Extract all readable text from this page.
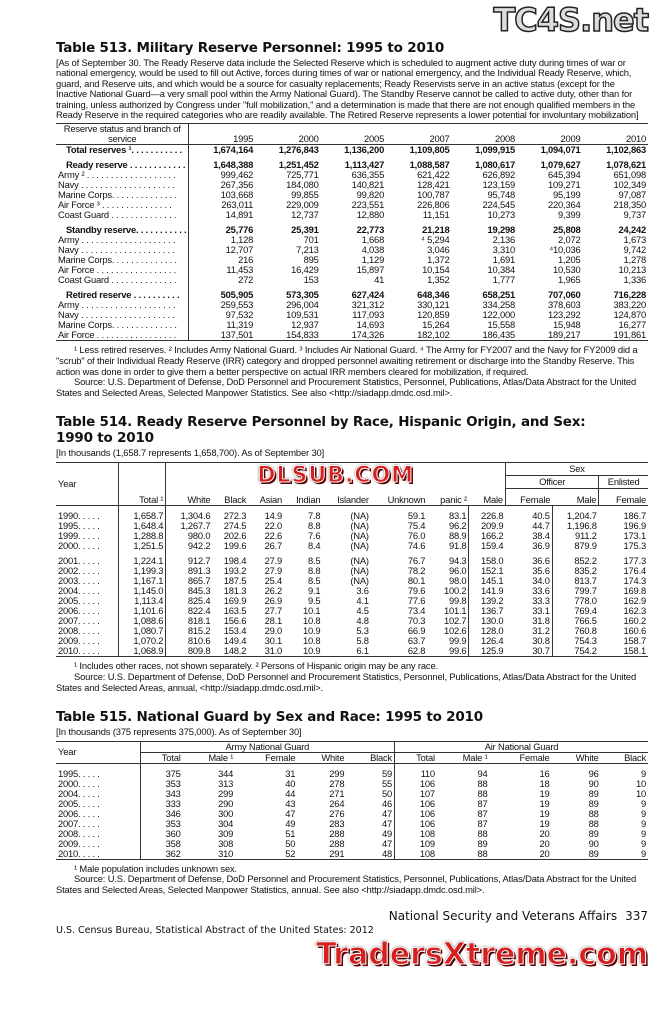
TC4S.net
Table 513. Military Reserve Personnel: 1995 to 2010
[As of September 30. The Ready Reserve data include the Selected Reserve which is scheduled to augment active duty during times of war or national emergency, would be used to fill out Active, forces during times of war or national emergency, and the Individual Ready Reserve, which, guard, and Reserve uits, and which would be a source for casualty replacements; Ready Reservists serve in an active status (except for the Inactive National Guard—a very small pool within the Army National Guard). The Standby Reserve cannot be called to active duty, other than for training, unless authorized by Congress under "full mobilization," and a determination is made that there are not enough qualified members in the Ready Reserve in the required categories who are readily available. The Retired Reserve represents a lower potential for involuntary mobilization]
Reserve status and branch of service	1995	2000	2005	2007	2008	2009	2010
Total reserves ¹. . . . . . . . . . .	1,674,164	1,276,843	1,136,200	1,109,805	1,099,915	1,094,071	1,102,863
Ready reserve . . . . . . . . . . . .	1,648,388	1,251,452	1,113,427	1,088,587	1,080,617	1,079,627	1,078,621
Army ² . . . . . . . . . . . . . . . . . . .	999,462	725,771	636,355	621,422	626,892	645,394	651,098
Navy . . . . . . . . . . . . . . . . . . . .	267,356	184,080	140,821	128,421	123,159	109,271	102,349
Marine Corps. . . . . . . . . . . . . .	103,668	99,855	99,820	100,787	95,748	95,199	97,087
Air Force ³ . . . . . . . . . . . . . . .	263,011	229,009	223,551	226,806	224,545	220,364	218,350
Coast Guard . . . . . . . . . . . . . .	14,891	12,737	12,880	11,151	10,273	9,399	9,737
Standby reserve. . . . . . . . . . .	25,776	25,391	22,773	21,218	19,298	25,808	24,242
Army . . . . . . . . . . . . . . . . . . . .	1,128	701	1,668	⁴ 5,294	2,136	2,072	1,673
Navy . . . . . . . . . . . . . . . . . . . .	12,707	7,213	4,038	3,046	3,310	⁴10,036	9,742
Marine Corps. . . . . . . . . . . . . .	216	895	1,129	1,372	1,691	1,205	1,278
Air Force . . . . . . . . . . . . . . . . .	11,453	16,429	15,897	10,154	10,384	10,530	10,213
Coast Guard . . . . . . . . . . . . . .	272	153	41	1,352	1,777	1,965	1,336
Retired reserve . . . . . . . . . .	505,905	573,305	627,424	648,346	658,251	707,060	716,228
Army . . . . . . . . . . . . . . . . . . . .	259,553	296,004	321,312	330,121	334,258	378,603	383,220
Navy . . . . . . . . . . . . . . . . . . . .	97,532	109,531	117,093	120,859	122,000	123,292	124,870
Marine Corps. . . . . . . . . . . . . .	11,319	12,937	14,693	15,264	15,558	15,948	16,277
Air Force . . . . . . . . . . . . . . . . .	137,501	154,833	174,326	182,102	186,435	189,217	191,861
¹ Less retired reserves. ² Includes Army National Guard. ³ Includes Air National Guard. ⁴ The Army for FY2007 and the Navy for FY2009 did a "scrub" of their Individual Ready Reserve (IRR) category and dropped personnel awaiting retirement or discharge into the Standby Reserve. This action was done in order to give them a better perspective on actual IRR members cleared for mobilization, if required.
Source: U.S. Department of Defense, DoD Personnel and Procurement Statistics, Personnel, Publications, Atlas/Data Abstract for the United States and Selected Areas, Selected Manpower Statistics. See also <http://siadapp.dmdc.osd.mil>.
Table 514. Ready Reserve Personnel by Race, Hispanic Origin, and Sex: 1990 to 2010
[In thousands (1,658.7 represents 1,658,700). As of September 30]
Year	Total ¹	DLSUB.COM								Sex		
										Officer		Enlisted
		White	Black	Asian	Indian	Islander	Unknown	panic ²	Male	Female	Male	Female
1990. . . . .	1,658.7	1,304.6	272.3	14.9	7.8	(NA)	59.1	83.1	226.8	40.5	1,204.7	186.7
1995. . . . .	1,648.4	1,267.7	274.5	22.0	8.8	(NA)	75.4	96.2	209.9	44.7	1,196.8	196.9
1999. . . . .	1,288.8	980.0	202.6	22.6	7.6	(NA)	76.0	88.9	166.2	38.4	911.2	173.1
2000. . . . .	1,251.5	942.2	199.6	26.7	8.4	(NA)	74.6	91.8	159.4	36.9	879.9	175.3
2001. . . . .	1,224.1	912.7	198.4	27.9	8.5	(NA)	76.7	94.3	158.0	36.6	852.2	177.3
2002. . . . .	1,199.3	891.3	193.2	27.9	8.8	(NA)	78.2	96.0	152.1	35.6	835.2	176.4
2003. . . . .	1,167.1	865.7	187.5	25.4	8.5	(NA)	80.1	98.0	145.1	34.0	813.7	174.3
2004. . . . .	1,145.0	845.3	181.3	26.2	9.1	3.6	79.6	100.2	141.9	33.6	799.7	169.8
2005. . . . .	1,113.4	825.4	169.9	26.9	9.5	4.1	77.6	99.8	139.2	33.3	778.0	162.9
2006. . . . .	1,101.6	822.4	163.5	27.7	10.1	4.5	73.4	101.1	136.7	33.1	769.4	162.3
2007. . . . .	1,088.6	818.1	156.6	28.1	10.8	4.8	70.3	102.7	130.0	31.8	766.5	160.2
2008. . . . .	1,080.7	815.2	153.4	29.0	10.9	5.3	66.9	102.6	128.0	31.2	760.8	160.6
2009. . . . .	1,070.2	810.6	149.4	30.1	10.8	5.8	63.7	99.9	126.4	30.8	754.3	158.7
2010. . . . .	1,068.9	809.8	148.2	31.0	10.9	6.1	62.8	99.6	125.9	30.7	754.2	158.1
¹ Includes other races, not shown separately. ² Persons of Hispanic origin may be any race.
Source: U.S. Department of Defense, DoD Personnel and Procurement Statistics, Personnel, Publications, Atlas/Data Abstract for the United States and Selected Areas, annual, <http://siadapp.dmdc.osd.mil>.
Table 515. National Guard by Sex and Race: 1995 to 2010
[In thousands (375 represents 375,000). As of September 30]
Year	Army National Guard					Air National Guard				
	Total	Male ¹	Female	White	Black	Total	Male ¹	Female	White	Black
1995. . . . .	375	344	31	299	59	110	94	16	96	9
2000. . . . .	353	313	40	278	55	106	88	18	90	10
2004. . . . .	343	299	44	271	50	107	88	19	89	10
2005. . . . .	333	290	43	264	46	106	87	19	89	9
2006. . . . .	346	300	47	276	47	106	87	19	88	9
2007. . . . .	353	304	49	283	47	106	87	19	88	9
2008. . . . .	360	309	51	288	49	108	88	20	89	9
2009. . . . .	358	308	50	288	47	109	89	20	90	9
2010. . . . .	362	310	52	291	48	108	88	20	89	9
¹ Male population includes unknown sex.
Source: U.S. Department of Defense, DoD Personnel and Procurement Statistics, Personnel, Publications, Atlas/Data Abstract for the United States and Selected Areas, Selected Manpower Statistics, annual. See also <http://siadapp.dmdc.osd.mil>.
National Security and Veterans Affairs 337
U.S. Census Bureau, Statistical Abstract of the United States: 2012
TradersXtreme.com
